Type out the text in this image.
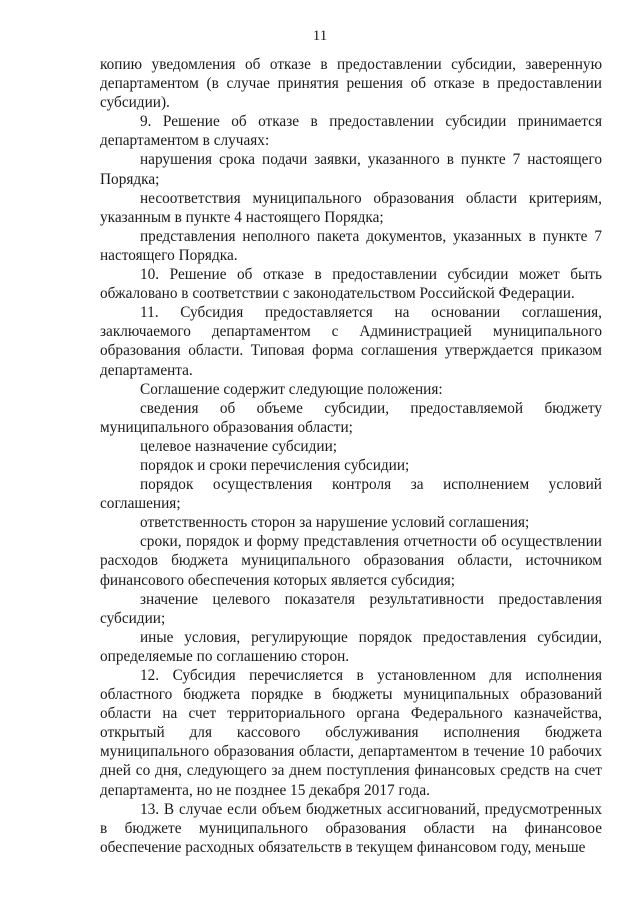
11

копию уведомления об отказе в предоставлении субсидии, заверенную департаментом (в случае принятия решения об отказе в предоставлении субсидии).

9. Решение об отказе в предоставлении субсидии принимается департаментом в случаях:

нарушения срока подачи заявки, указанного в пункте 7 настоящего Порядка;

несоответствия муниципального образования области критериям, указанным в пункте 4 настоящего Порядка;

представления неполного пакета документов, указанных в пункте 7 настоящего Порядка.

10. Решение об отказе в предоставлении субсидии может быть обжаловано в соответствии с законодательством Российской Федерации.

11. Субсидия предоставляется на основании соглашения, заключаемого департаментом с Администрацией муниципального образования области. Типовая форма соглашения утверждается приказом департамента.

Соглашение содержит следующие положения:

сведения об объеме субсидии, предоставляемой бюджету муниципального образования области;

целевое назначение субсидии;

порядок и сроки перечисления субсидии;

порядок осуществления контроля за исполнением условий соглашения;

ответственность сторон за нарушение условий соглашения;

сроки, порядок и форму представления отчетности об осуществлении расходов бюджета муниципального образования области, источником финансового обеспечения которых является субсидия;

значение целевого показателя результативности предоставления субсидии;

иные условия, регулирующие порядок предоставления субсидии, определяемые по соглашению сторон.

12. Субсидия перечисляется в установленном для исполнения областного бюджета порядке в бюджеты муниципальных образований области на счет территориального органа Федерального казначейства, открытый для кассового обслуживания исполнения бюджета муниципального образования области, департаментом в течение 10 рабочих дней со дня, следующего за днем поступления финансовых средств на счет департамента, но не позднее 15 декабря 2017 года.

13. В случае если объем бюджетных ассигнований, предусмотренных в бюджете муниципального образования области на финансовое обеспечение расходных обязательств в текущем финансовом году, меньше
